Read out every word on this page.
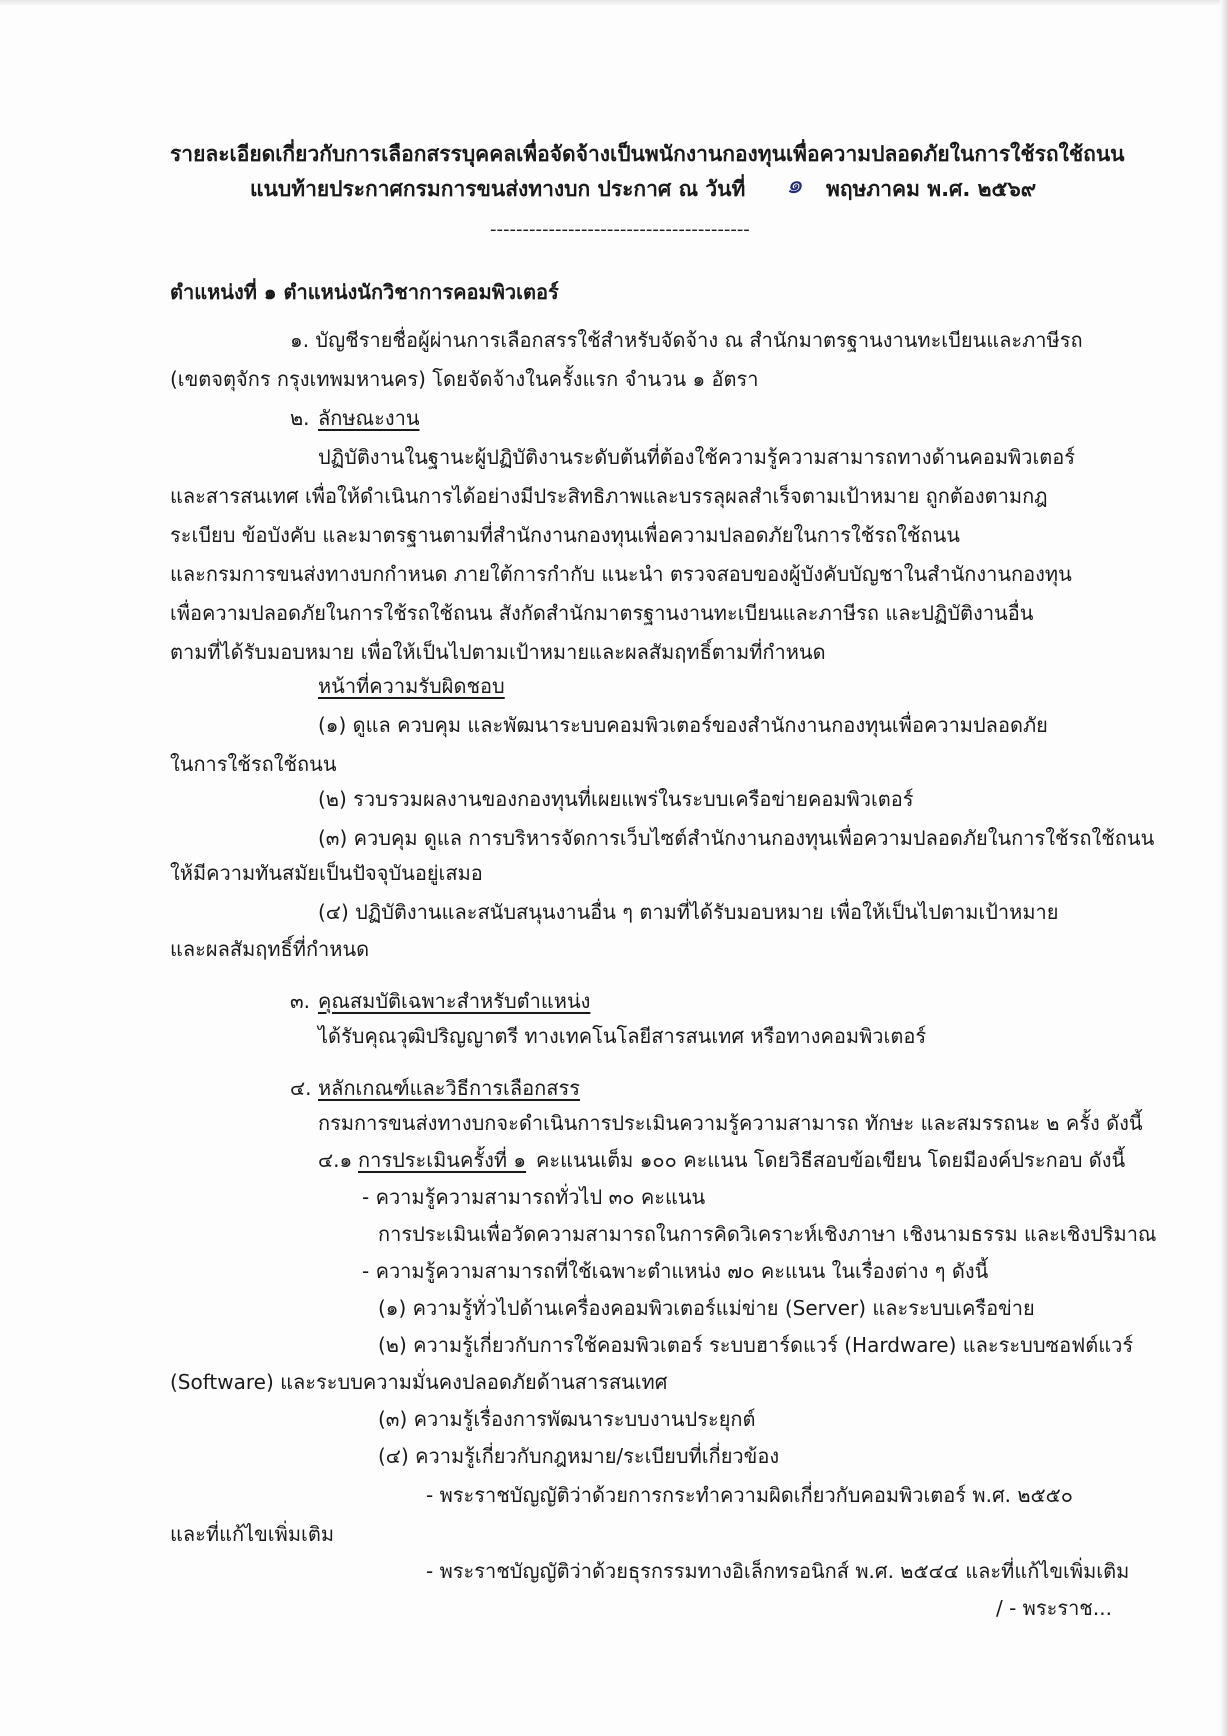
รายละเอียดเกี่ยวกับการเลือกสรรบุคคลเพื่อจัดจ้างเป็นพนักงานกองทุนเพื่อความปลอดภัยในการใช้รถใช้ถนน
แนบท้ายประกาศกรมการขนส่งทางบก ประกาศ ณ วันที่ ๑ พฤษภาคม พ.ศ. ๒๕๖๙
----------------------------------------
ตำแหน่งที่ ๑ ตำแหน่งนักวิชาการคอมพิวเตอร์
๑. บัญชีรายชื่อผู้ผ่านการเลือกสรรใช้สำหรับจัดจ้าง ณ สำนักมาตรฐานงานทะเบียนและภาษีรถ
(เขตจตุจักร กรุงเทพมหานคร) โดยจัดจ้างในครั้งแรก จำนวน ๑ อัตรา
๒. ลักษณะงาน
ปฏิบัติงานในฐานะผู้ปฏิบัติงานระดับต้นที่ต้องใช้ความรู้ความสามารถทางด้านคอมพิวเตอร์
และสารสนเทศ เพื่อให้ดำเนินการได้อย่างมีประสิทธิภาพและบรรลุผลสำเร็จตามเป้าหมาย ถูกต้องตามกฎ
ระเบียบ ข้อบังคับ และมาตรฐานตามที่สำนักงานกองทุนเพื่อความปลอดภัยในการใช้รถใช้ถนน
และกรมการขนส่งทางบกกำหนด ภายใต้การกำกับ แนะนำ ตรวจสอบของผู้บังคับบัญชาในสำนักงานกองทุน
เพื่อความปลอดภัยในการใช้รถใช้ถนน สังกัดสำนักมาตรฐานงานทะเบียนและภาษีรถ และปฏิบัติงานอื่น
ตามที่ได้รับมอบหมาย เพื่อให้เป็นไปตามเป้าหมายและผลสัมฤทธิ์ตามที่กำหนด
หน้าที่ความรับผิดชอบ
(๑) ดูแล ควบคุม และพัฒนาระบบคอมพิวเตอร์ของสำนักงานกองทุนเพื่อความปลอดภัย
ในการใช้รถใช้ถนน
(๒) รวบรวมผลงานของกองทุนที่เผยแพร่ในระบบเครือข่ายคอมพิวเตอร์
(๓) ควบคุม ดูแล การบริหารจัดการเว็บไซต์สำนักงานกองทุนเพื่อความปลอดภัยในการใช้รถใช้ถนน
ให้มีความทันสมัยเป็นปัจจุบันอยู่เสมอ
(๔) ปฏิบัติงานและสนับสนุนงานอื่น ๆ ตามที่ได้รับมอบหมาย เพื่อให้เป็นไปตามเป้าหมาย
และผลสัมฤทธิ์ที่กำหนด
๓. คุณสมบัติเฉพาะสำหรับตำแหน่ง
ได้รับคุณวุฒิปริญญาตรี ทางเทคโนโลยีสารสนเทศ หรือทางคอมพิวเตอร์
๔. หลักเกณฑ์และวิธีการเลือกสรร
กรมการขนส่งทางบกจะดำเนินการประเมินความรู้ความสามารถ ทักษะ และสมรรถนะ ๒ ครั้ง ดังนี้
๔.๑ การประเมินครั้งที่ ๑ คะแนนเต็ม ๑๐๐ คะแนน โดยวิธีสอบข้อเขียน โดยมีองค์ประกอบ ดังนี้
- ความรู้ความสามารถทั่วไป ๓๐ คะแนน
การประเมินเพื่อวัดความสามารถในการคิดวิเคราะห์เชิงภาษา เชิงนามธรรม และเชิงปริมาณ
- ความรู้ความสามารถที่ใช้เฉพาะตำแหน่ง ๗๐ คะแนน ในเรื่องต่าง ๆ ดังนี้
(๑) ความรู้ทั่วไปด้านเครื่องคอมพิวเตอร์แม่ข่าย (Server) และระบบเครือข่าย
(๒) ความรู้เกี่ยวกับการใช้คอมพิวเตอร์ ระบบฮาร์ดแวร์ (Hardware) และระบบซอฟต์แวร์
(Software) และระบบความมั่นคงปลอดภัยด้านสารสนเทศ
(๓) ความรู้เรื่องการพัฒนาระบบงานประยุกต์
(๔) ความรู้เกี่ยวกับกฎหมาย/ระเบียบที่เกี่ยวข้อง
- พระราชบัญญัติว่าด้วยการกระทำความผิดเกี่ยวกับคอมพิวเตอร์ พ.ศ. ๒๕๕๐
และที่แก้ไขเพิ่มเติม
- พระราชบัญญัติว่าด้วยธุรกรรมทางอิเล็กทรอนิกส์ พ.ศ. ๒๕๔๔ และที่แก้ไขเพิ่มเติม
/ - พระราช...
